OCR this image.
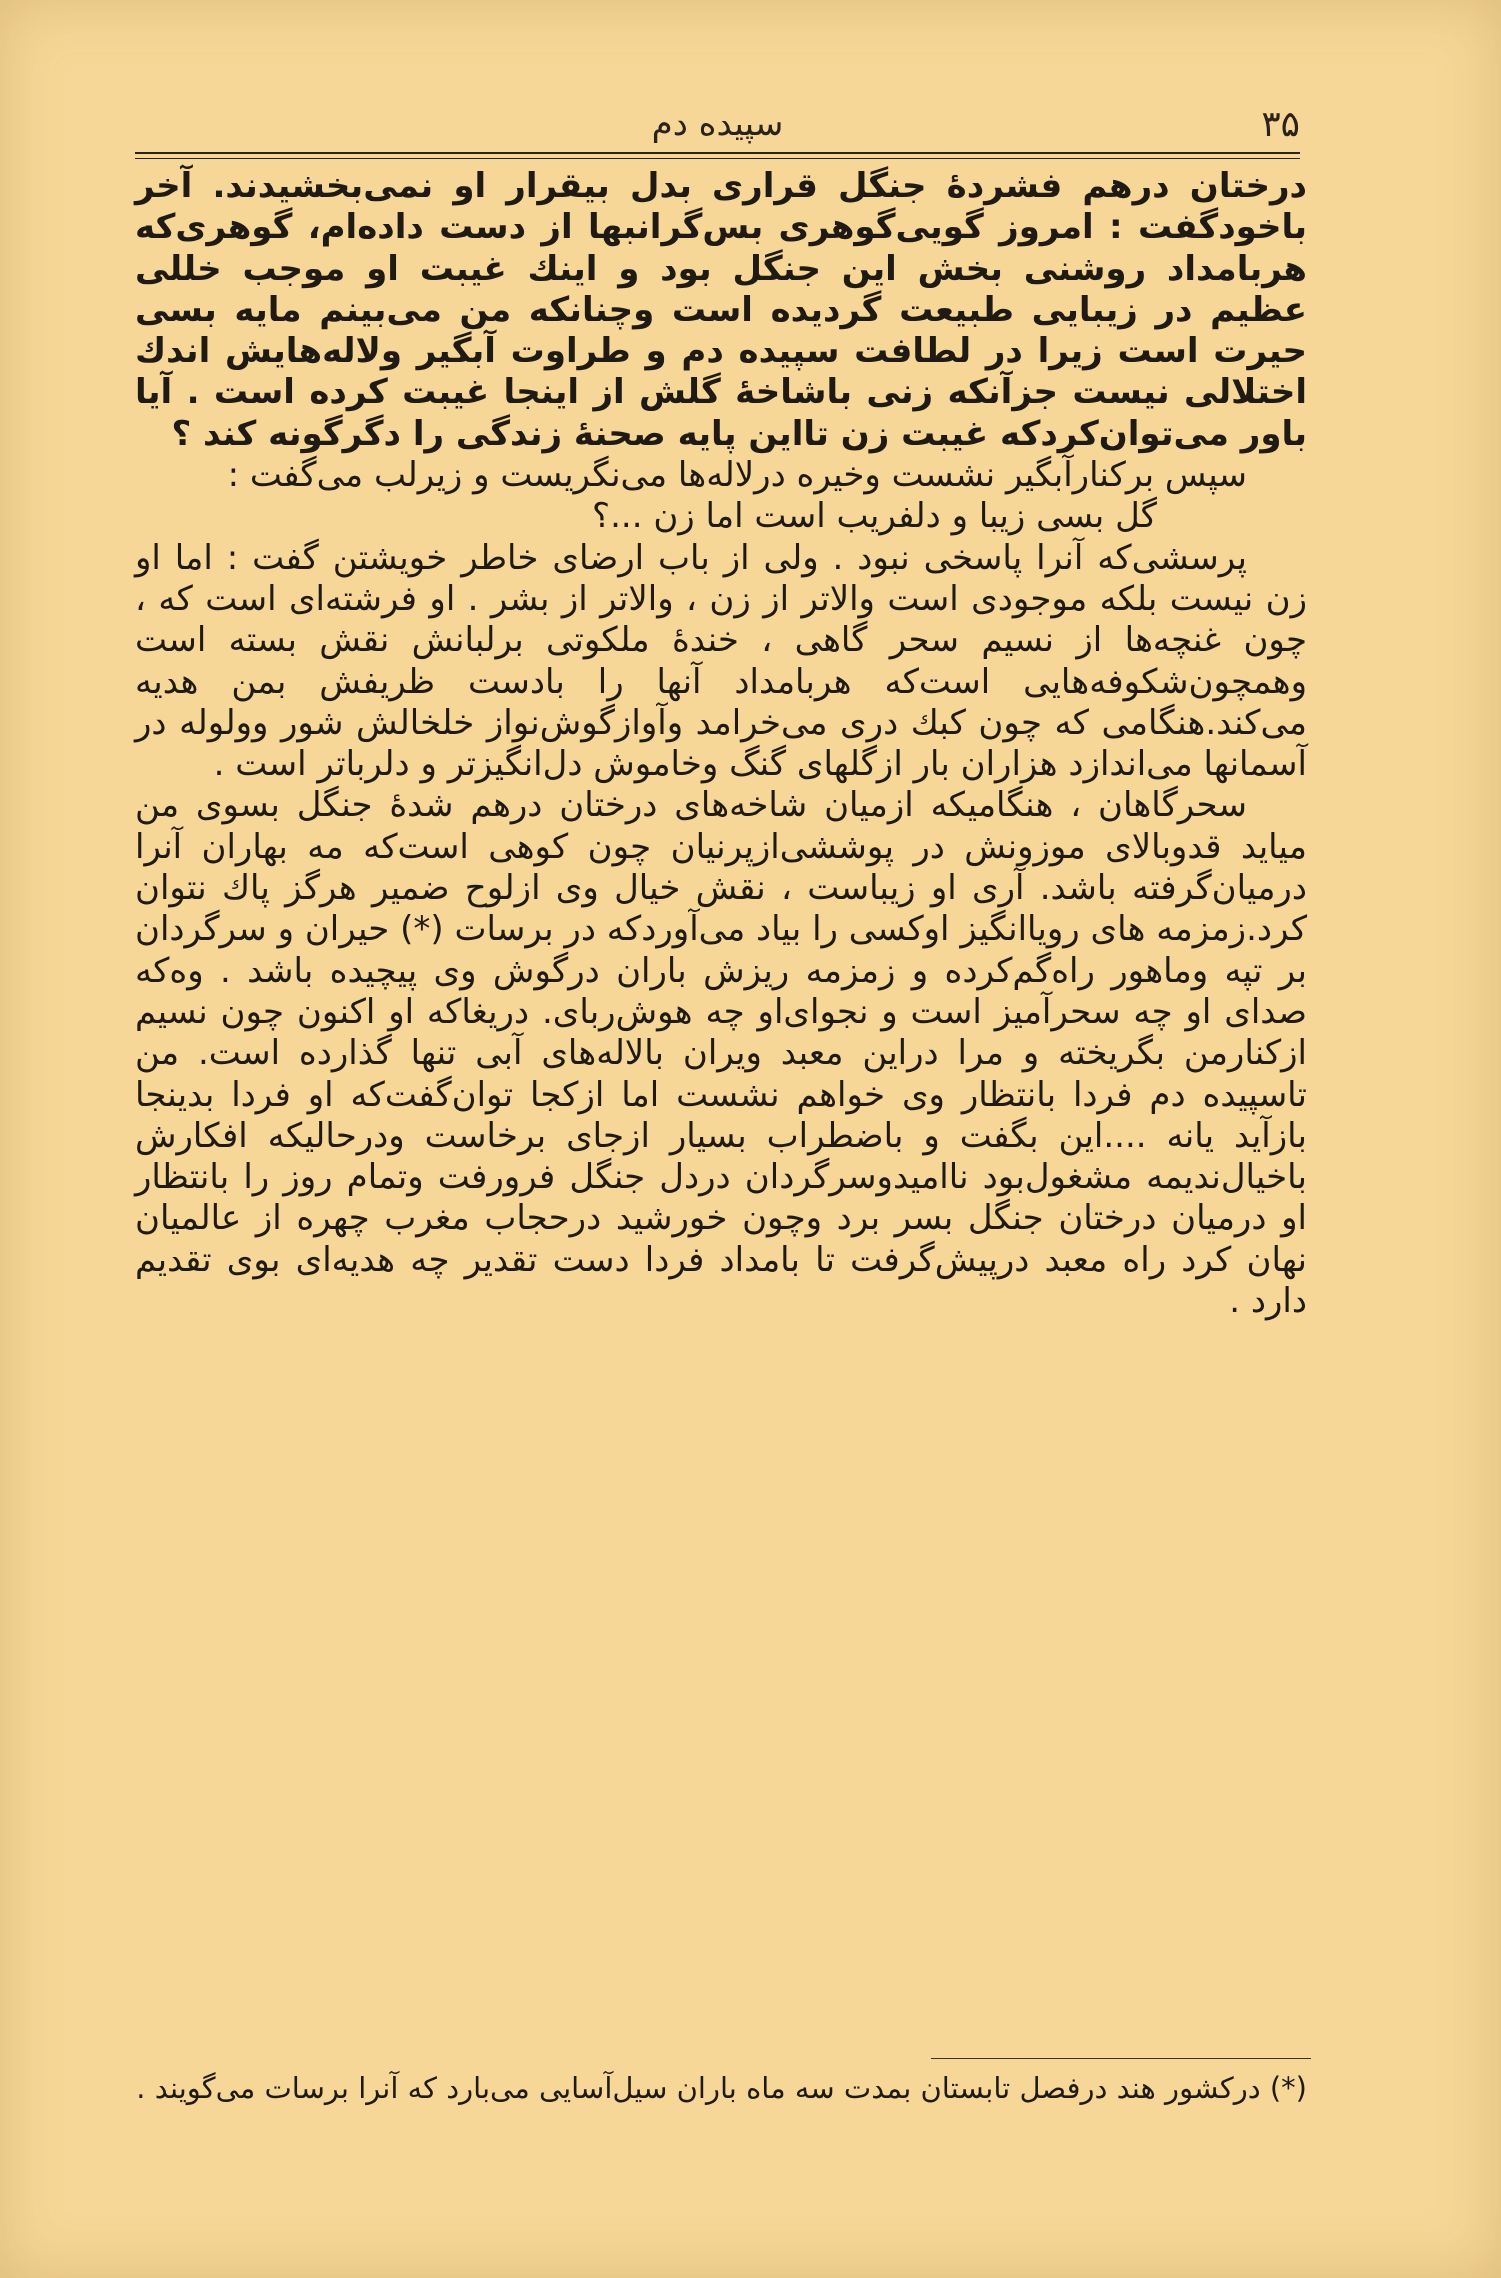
۳۵
سپیده دم

درختان درهم فشردهٔ جنگل قراری بدل بیقرار او نمی‌بخشیدند. آخر باخودگفت : امروز گویی‌گوهری بس‌گرانبها از دست داده‌ام، گوهری‌که هربامداد روشنی بخش این جنگل بود و اینك غیبت او موجب خللی عظیم در زیبایی طبیعت گردیده است وچنانکه من می‌بینم مایه بسی حیرت است زیرا در لطافت سپیده دم و طراوت آبگیر ولاله‌هایش اندك اختلالی نیست جزآنکه زنی باشاخهٔ گلش از اینجا غیبت کرده است . آیا باور می‌توان‌کردکه غیبت زن تااین پایه صحنهٔ زندگی را دگرگونه کند ؟

سپس برکنارآبگیر نشست وخیره درلاله‌ها می‌نگریست و زیرلب می‌گفت :

گل بسی زیبا و دلفریب است اما زن ...؟

پرسشی‌که آنرا پاسخی نبود . ولی از باب ارضای خاطر خویشتن گفت : اما او زن نیست بلکه موجودی است والاتر از زن ، والاتر از بشر . او فرشته‌ای است که ، چون غنچه‌ها از نسیم سحر گاهی ، خندهٔ ملکوتی برلبانش نقش بسته است وهمچون‌شکوفه‌هایی است‌که هربامداد آنها را بادست ظریفش بمن هدیه می‌کند.هنگامی که چون کبك دری می‌خرامد وآوازگوش‌نواز خلخالش شور وولوله در آسمانها می‌اندازد هزاران بار ازگلهای گنگ وخاموش دل‌انگیز‌تر و دلرباتر است .

سحرگاهان ، هنگامیکه ازمیان شاخه‌های درختان درهم شدهٔ جنگل بسوی من میاید قدوبالای موزونش در پوششی‌ازپرنیان چون کوهی است‌که مه بهاران آنرا درمیان‌گرفته باشد. آری او زیباست ، نقش خیال وی ازلوح ضمیر هرگز پاك نتوان کرد.زمزمه های رویاانگیز اوکسی را بیاد می‌آوردکه در برسات (*) حیران و سرگردان بر تپه وماهور راه‌گم‌کرده و زمزمه ریزش باران درگوش وی پیچیده باشد . وه‌که صدای او چه سحرآمیز است و نجوای‌او چه هوش‌ربای. دریغاکه او اکنون چون نسیم ازکنارمن بگریخته و مرا دراین معبد ویران بالاله‌های آبی تنها گذارده است. من تاسپیده دم فردا بانتظار وی خواهم نشست اما ازکجا توان‌گفت‌که او فردا بدینجا بازآید یانه ....این بگفت و باضطراب بسیار ازجای برخاست ودرحالیکه افکارش باخیال‌ندیمه مشغول‌بود ناامیدوسرگردان دردل جنگل فرورفت وتمام روز را بانتظار او درمیان درختان جنگل بسر برد وچون خورشید درحجاب مغرب چهره از عالمیان نهان کرد راه معبد درپیش‌گرفت تا بامداد فردا دست تقدیر چه هدیه‌ای بوی تقدیم دارد .

(*) درکشور هند درفصل تابستان بمدت سه ماه باران سیل‌آسایی می‌بارد که آنرا برسات می‌گویند .
